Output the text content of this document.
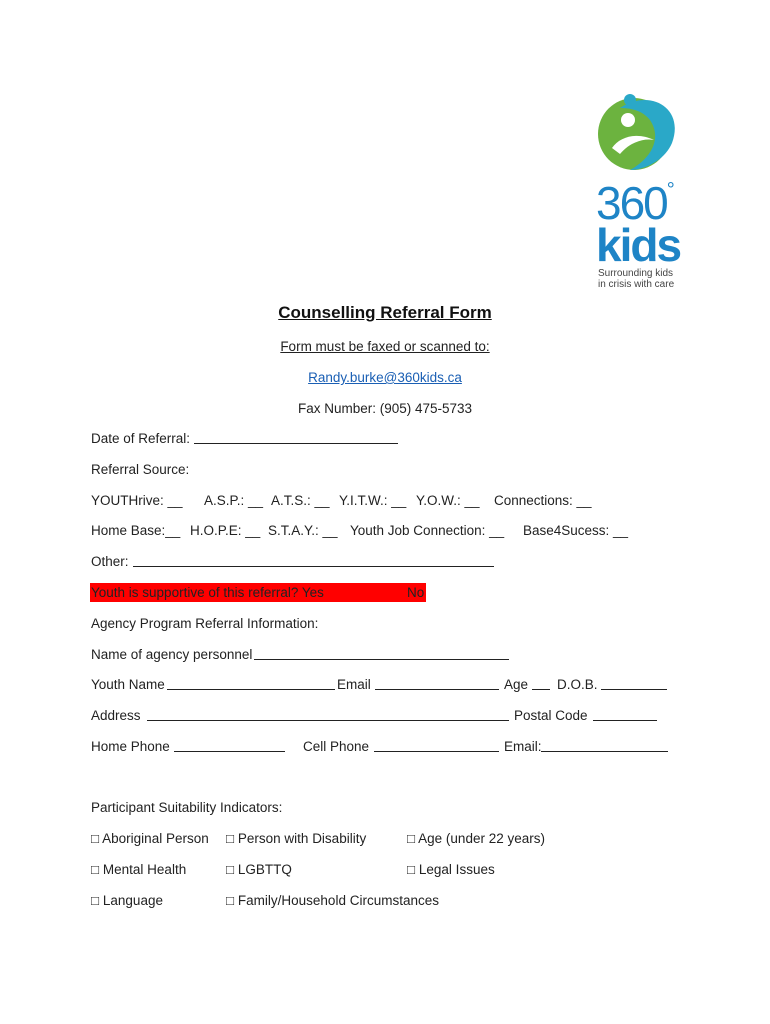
360°
kids
Surrounding kids
in crisis with care
Counselling Referral Form
Form must be faxed or scanned to:
Randy.burke@360kids.ca
Fax Number: (905) 475-5733
Date of Referral:
Referral Source:
YOUTHrive: __ A.S.P.: __ A.T.S.: __ Y.I.T.W.: __ Y.O.W.: __ Connections: __
Home Base:__ H.O.P.E: __ S.T.A.Y.: __ Youth Job Connection: __ Base4Sucess: __
Other:
Youth is supportive of this referral? Yes	No
Agency Program Referral Information:
Name of agency personnel
Youth Name	Email	Age D.O.B.
Address	Postal Code
Home Phone	Cell Phone	Email:
Participant Suitability Indicators:
□ Aboriginal Person □ Person with Disability	□ Age (under 22 years)
□ Mental Health	□ LGBTTQ	□ Legal Issues
□ Language	□ Family/Household Circumstances
